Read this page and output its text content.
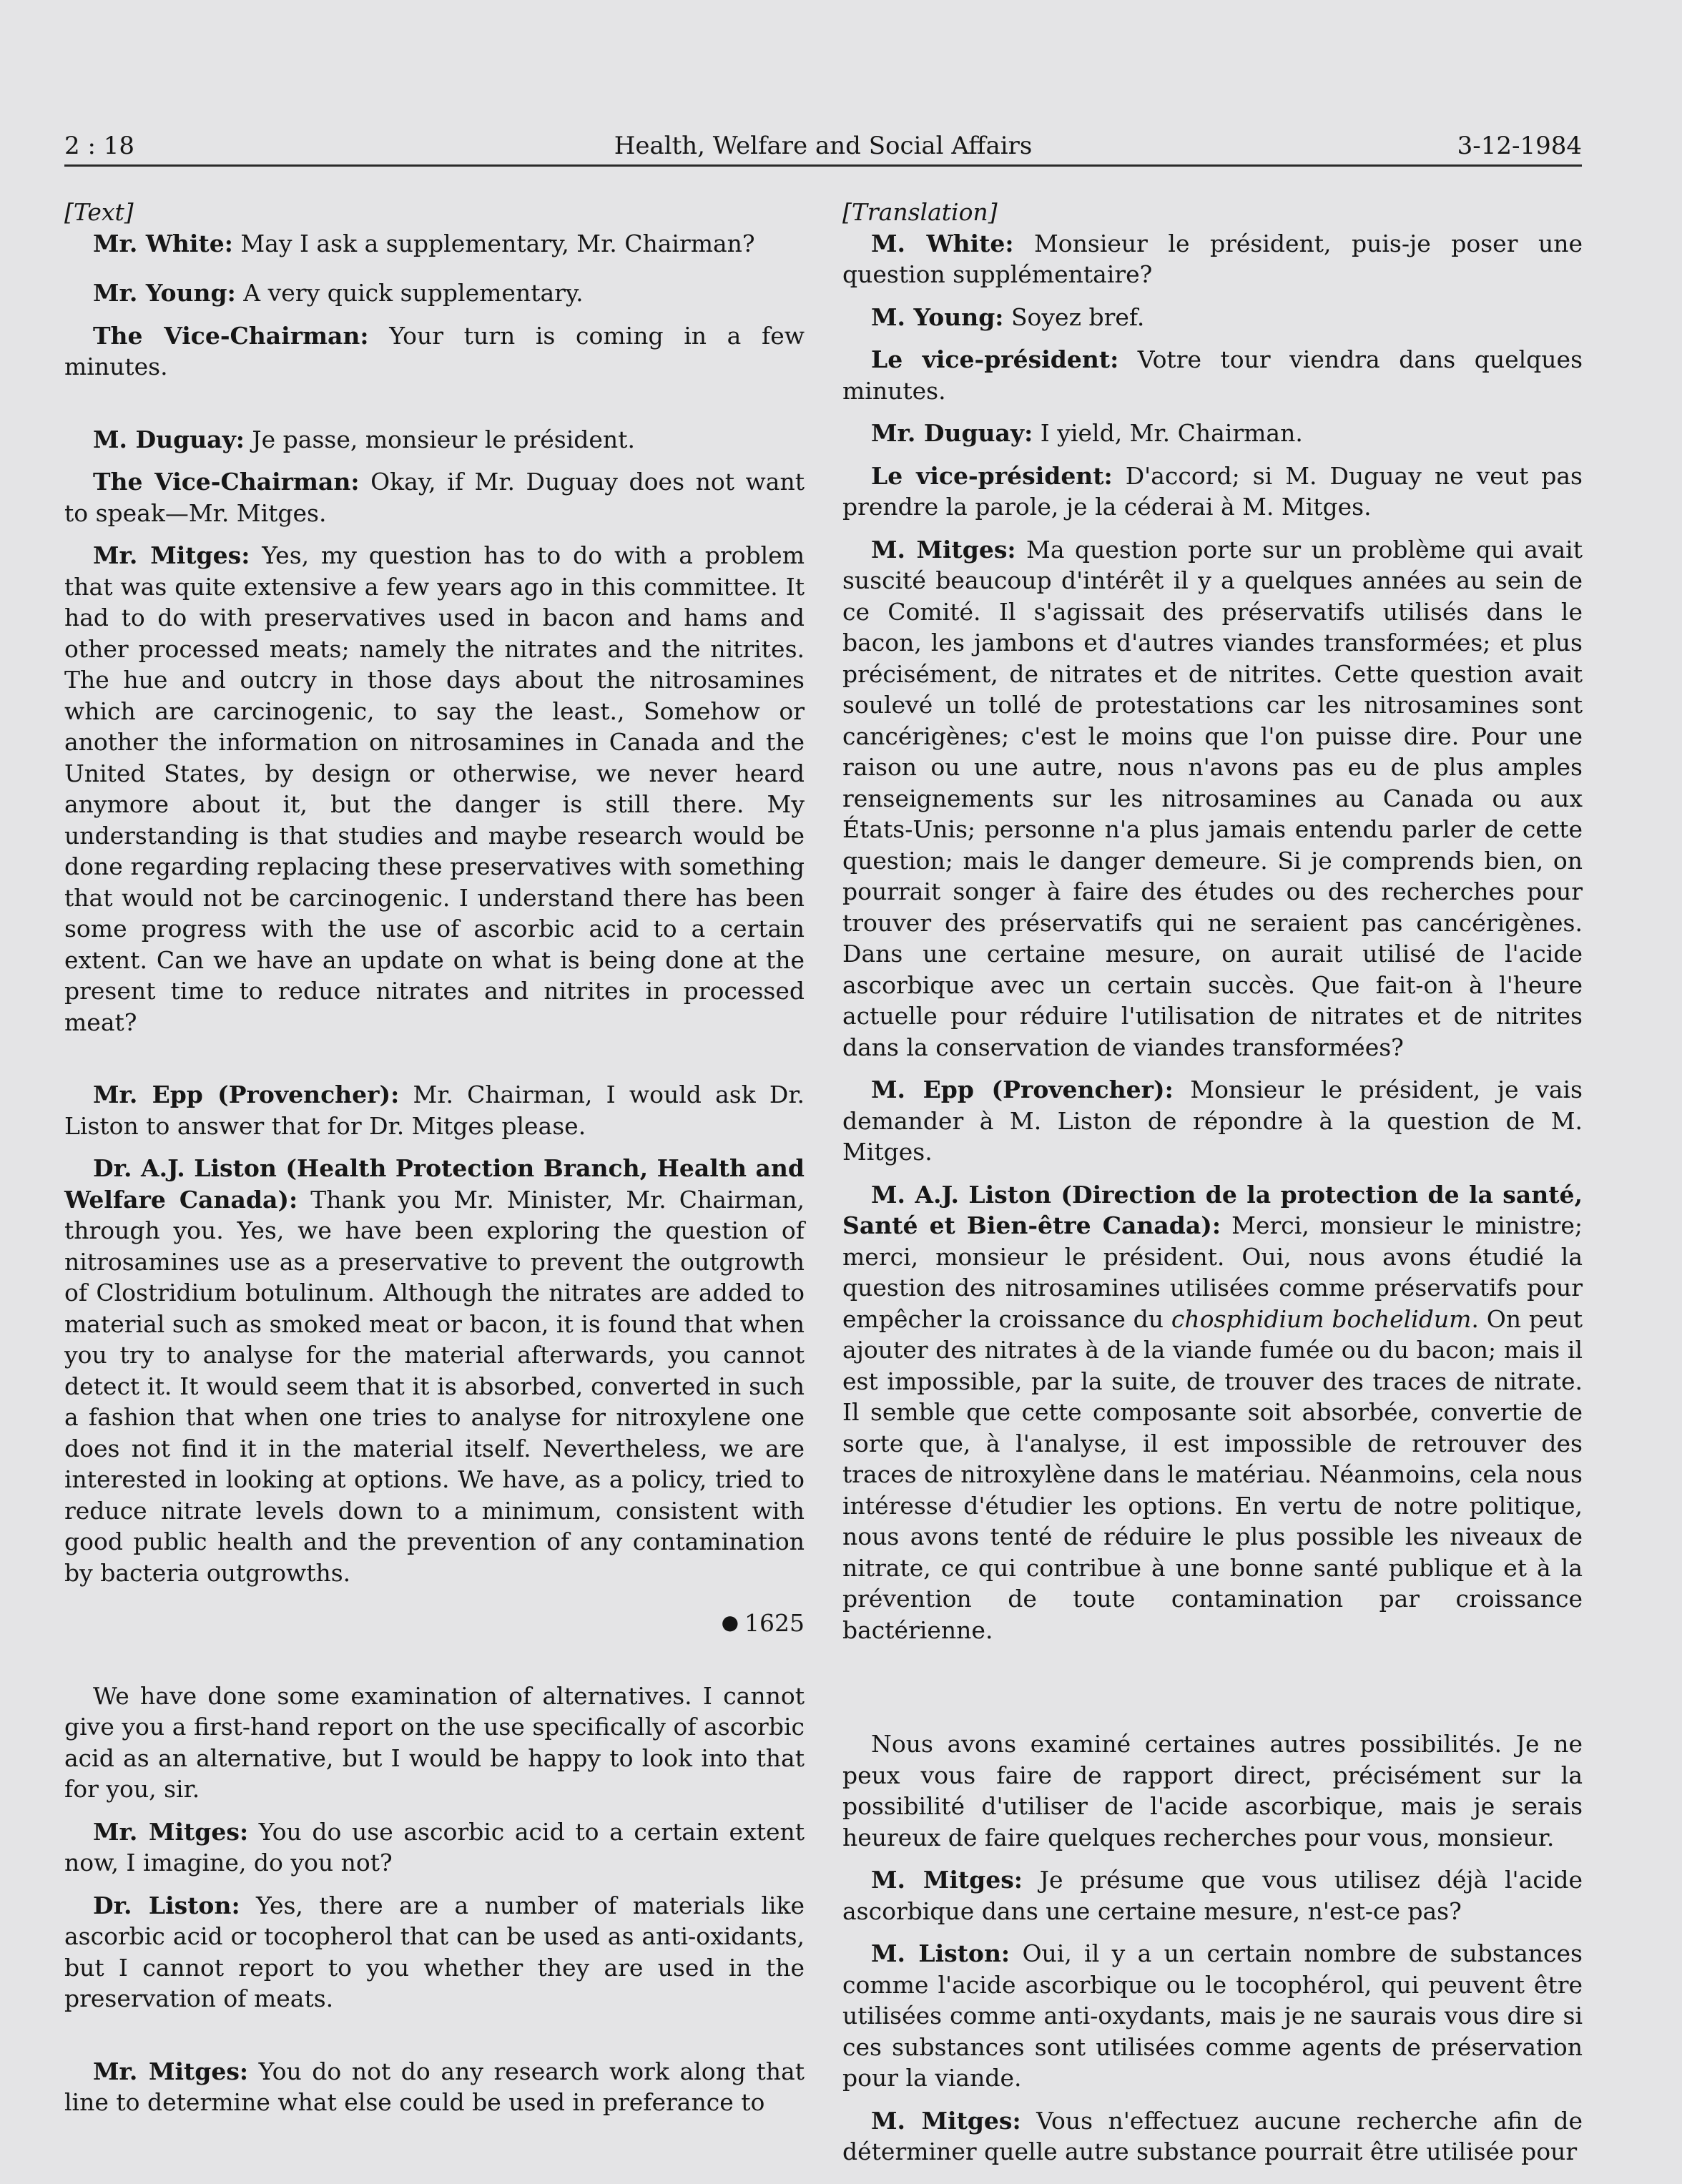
2 : 18	Health, Welfare and Social Affairs	3-12-1984

[Text]

Mr. White: May I ask a supplementary, Mr. Chairman?

Mr. Young: A very quick supplementary.

The Vice-Chairman: Your turn is coming in a few minutes.

M. Duguay: Je passe, monsieur le président.

The Vice-Chairman: Okay, if Mr. Duguay does not want to speak—Mr. Mitges.

Mr. Mitges: Yes, my question has to do with a problem that was quite extensive a few years ago in this committee. It had to do with preservatives used in bacon and hams and other processed meats; namely the nitrates and the nitrites. The hue and outcry in those days about the nitrosamines which are carcinogenic, to say the least., Somehow or another the information on nitrosamines in Canada and the United States, by design or otherwise, we never heard anymore about it, but the danger is still there. My understanding is that studies and maybe research would be done regarding replacing these preservatives with something that would not be carcinogenic. I understand there has been some progress with the use of ascorbic acid to a certain extent. Can we have an update on what is being done at the present time to reduce nitrates and nitrites in processed meat?

Mr. Epp (Provencher): Mr. Chairman, I would ask Dr. Liston to answer that for Dr. Mitges please.

Dr. A.J. Liston (Health Protection Branch, Health and Welfare Canada): Thank you Mr. Minister, Mr. Chairman, through you. Yes, we have been exploring the question of nitrosamines use as a preservative to prevent the outgrowth of Clostridium botulinum. Although the nitrates are added to material such as smoked meat or bacon, it is found that when you try to analyse for the material afterwards, you cannot detect it. It would seem that it is absorbed, converted in such a fashion that when one tries to analyse for nitroxylene one does not find it in the material itself. Nevertheless, we are interested in looking at options. We have, as a policy, tried to reduce nitrate levels down to a minimum, consistent with good public health and the prevention of any contamination by bacteria outgrowths.

● 1625

We have done some examination of alternatives. I cannot give you a first-hand report on the use specifically of ascorbic acid as an alternative, but I would be happy to look into that for you, sir.

Mr. Mitges: You do use ascorbic acid to a certain extent now, I imagine, do you not?

Dr. Liston: Yes, there are a number of materials like ascorbic acid or tocopherol that can be used as anti-oxidants, but I cannot report to you whether they are used in the preservation of meats.

Mr. Mitges: You do not do any research work along that line to determine what else could be used in preferance to

[Translation]

M. White: Monsieur le président, puis-je poser une question supplémentaire?

M. Young: Soyez bref.

Le vice-président: Votre tour viendra dans quelques minutes.

Mr. Duguay: I yield, Mr. Chairman.

Le vice-président: D'accord; si M. Duguay ne veut pas prendre la parole, je la céderai à M. Mitges.

M. Mitges: Ma question porte sur un problème qui avait suscité beaucoup d'intérêt il y a quelques années au sein de ce Comité. Il s'agissait des préservatifs utilisés dans le bacon, les jambons et d'autres viandes transformées; et plus précisément, de nitrates et de nitrites. Cette question avait soulevé un tollé de protestations car les nitrosamines sont cancérigènes; c'est le moins que l'on puisse dire. Pour une raison ou une autre, nous n'avons pas eu de plus amples renseignements sur les nitrosamines au Canada ou aux États-Unis; personne n'a plus jamais entendu parler de cette question; mais le danger demeure. Si je comprends bien, on pourrait songer à faire des études ou des recherches pour trouver des préservatifs qui ne seraient pas cancérigènes. Dans une certaine mesure, on aurait utilisé de l'acide ascorbique avec un certain succès. Que fait-on à l'heure actuelle pour réduire l'utilisation de nitrates et de nitrites dans la conservation de viandes transformées?

M. Epp (Provencher): Monsieur le président, je vais demander à M. Liston de répondre à la question de M. Mitges.

M. A.J. Liston (Direction de la protection de la santé, Santé et Bien-être Canada): Merci, monsieur le ministre; merci, monsieur le président. Oui, nous avons étudié la question des nitrosamines utilisées comme préservatifs pour empêcher la croissance du chosphidium bochelidum. On peut ajouter des nitrates à de la viande fumée ou du bacon; mais il est impossible, par la suite, de trouver des traces de nitrate. Il semble que cette composante soit absorbée, convertie de sorte que, à l'analyse, il est impossible de retrouver des traces de nitroxylène dans le matériau. Néanmoins, cela nous intéresse d'étudier les options. En vertu de notre politique, nous avons tenté de réduire le plus possible les niveaux de nitrate, ce qui contribue à une bonne santé publique et à la prévention de toute contamination par croissance bactérienne.

Nous avons examiné certaines autres possibilités. Je ne peux vous faire de rapport direct, précisément sur la possibilité d'utiliser de l'acide ascorbique, mais je serais heureux de faire quelques recherches pour vous, monsieur.

M. Mitges: Je présume que vous utilisez déjà l'acide ascorbique dans une certaine mesure, n'est-ce pas?

M. Liston: Oui, il y a un certain nombre de substances comme l'acide ascorbique ou le tocophérol, qui peuvent être utilisées comme anti-oxydants, mais je ne saurais vous dire si ces substances sont utilisées comme agents de préservation pour la viande.

M. Mitges: Vous n'effectuez aucune recherche afin de déterminer quelle autre substance pourrait être utilisée pour
